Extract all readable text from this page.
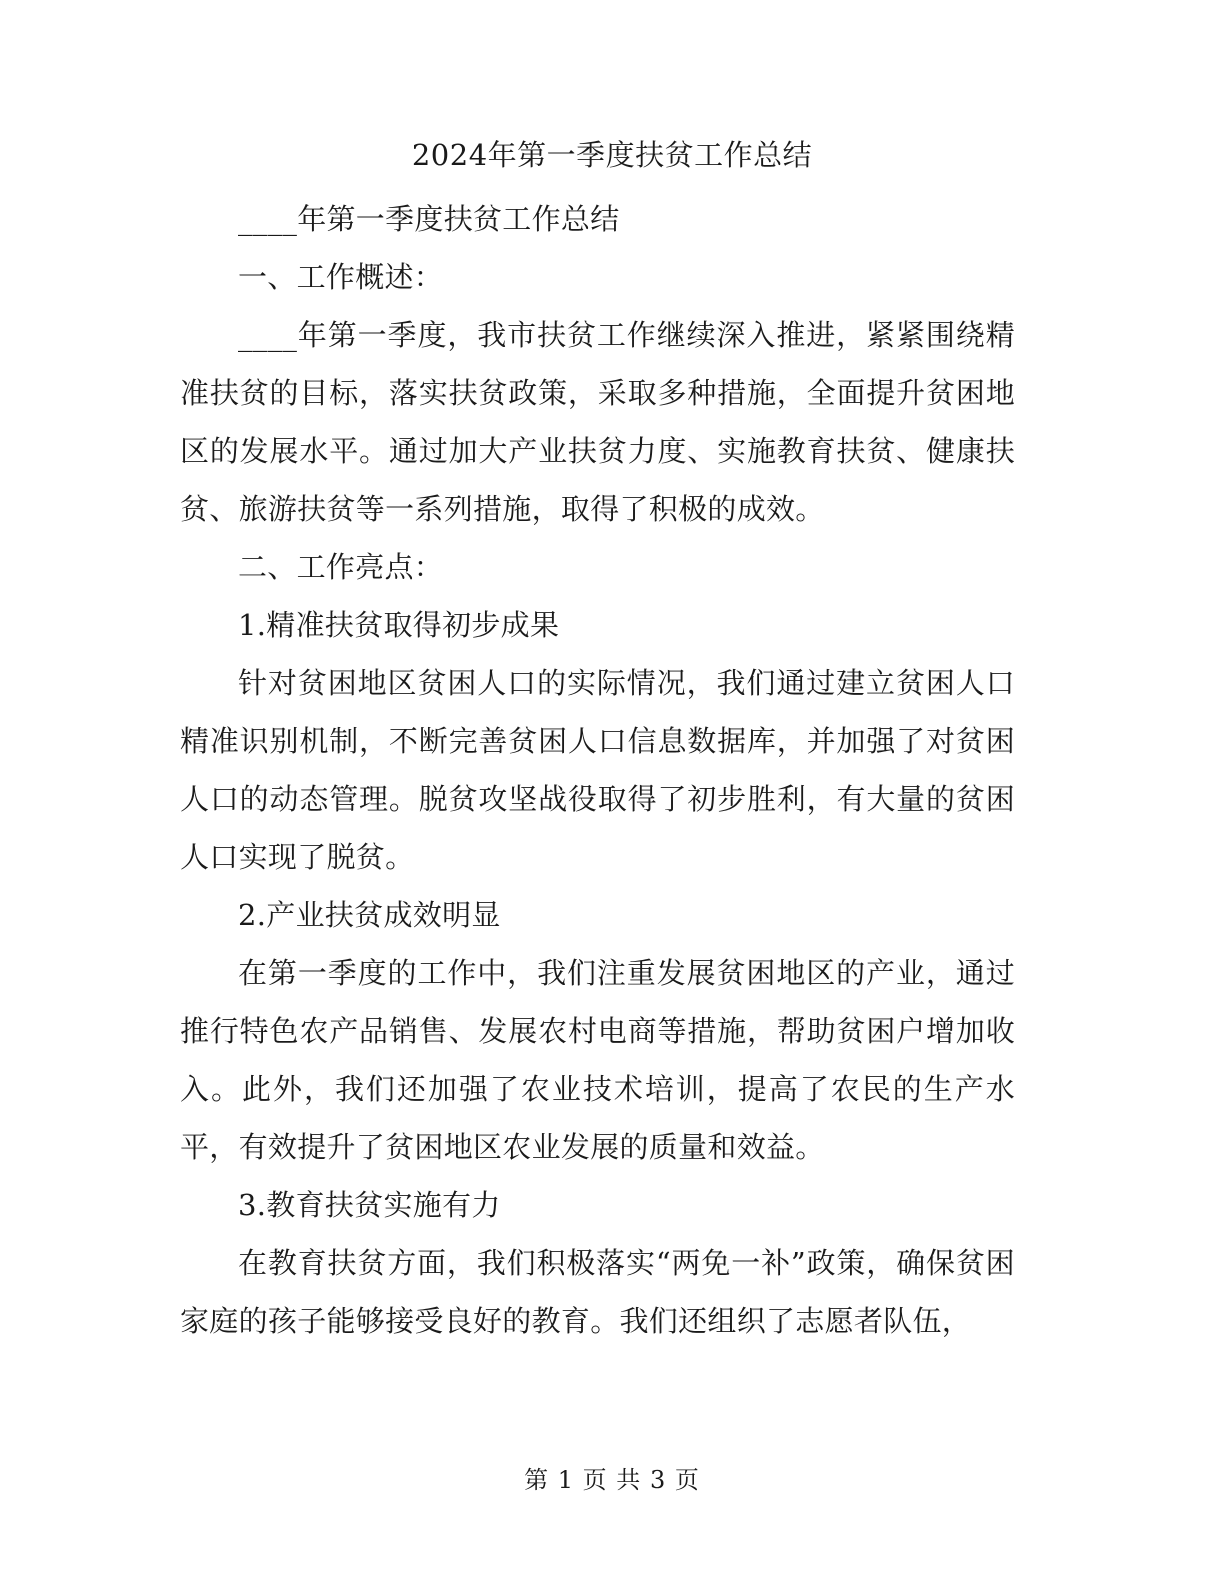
2024年第一季度扶贫工作总结

____年第一季度扶贫工作总结

一、工作概述：

____年第一季度，我市扶贫工作继续深入推进，紧紧围绕精准扶贫的目标，落实扶贫政策，采取多种措施，全面提升贫困地区的发展水平。通过加大产业扶贫力度、实施教育扶贫、健康扶贫、旅游扶贫等一系列措施，取得了积极的成效。

二、工作亮点：

1.精准扶贫取得初步成果

针对贫困地区贫困人口的实际情况，我们通过建立贫困人口精准识别机制，不断完善贫困人口信息数据库，并加强了对贫困人口的动态管理。脱贫攻坚战役取得了初步胜利，有大量的贫困人口实现了脱贫。

2.产业扶贫成效明显

在第一季度的工作中，我们注重发展贫困地区的产业，通过推行特色农产品销售、发展农村电商等措施，帮助贫困户增加收入。此外，我们还加强了农业技术培训，提高了农民的生产水平，有效提升了贫困地区农业发展的质量和效益。

3.教育扶贫实施有力

在教育扶贫方面，我们积极落实“两免一补”政策，确保贫困家庭的孩子能够接受良好的教育。我们还组织了志愿者队伍，

第 1 页 共 3 页
